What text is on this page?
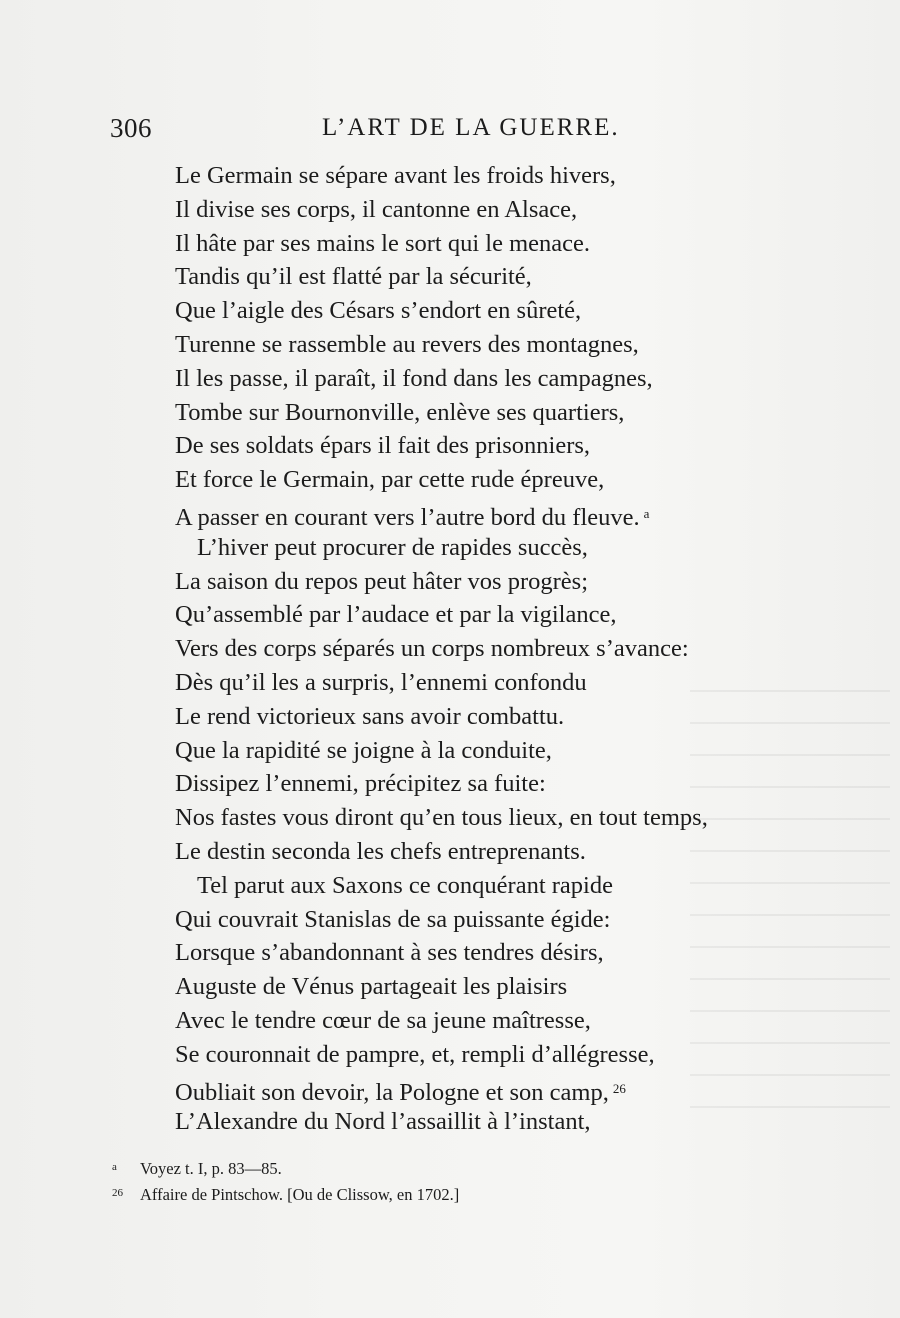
306	L’ART DE LA GUERRE.
Le Germain se sépare avant les froids hivers,
Il divise ses corps, il cantonne en Alsace,
Il hâte par ses mains le sort qui le menace.
Tandis qu’il est flatté par la sécurité,
Que l’aigle des Césars s’endort en sûreté,
Turenne se rassemble au revers des montagnes,
Il les passe, il paraît, il fond dans les campagnes,
Tombe sur Bournonville, enlève ses quartiers,
De ses soldats épars il fait des prisonniers,
Et force le Germain, par cette rude épreuve,
A passer en courant vers l’autre bord du fleuve. $^a$
L’hiver peut procurer de rapides succès,
La saison du repos peut hâter vos progrès;
Qu’assemblé par l’audace et par la vigilance,
Vers des corps séparés un corps nombreux s’avance:
Dès qu’il les a surpris, l’ennemi confondu
Le rend victorieux sans avoir combattu.
Que la rapidité se joigne à la conduite,
Dissipez l’ennemi, précipitez sa fuite:
Nos fastes vous diront qu’en tous lieux, en tout temps,
Le destin seconda les chefs entreprenants.
Tel parut aux Saxons ce conquérant rapide
Qui couvrait Stanislas de sa puissante égide:
Lorsque s’abandonnant à ses tendres désirs,
Auguste de Vénus partageait les plaisirs
Avec le tendre cœur de sa jeune maîtresse,
Se couronnait de pampre, et, rempli d’allégresse,
Oubliait son devoir, la Pologne et son camp, $^{26}$
L’Alexandre du Nord l’assaillit à l’instant,
a Voyez t. I, p. 83—85.
26 Affaire de Pintschow. [Ou de Clissow, en 1702.]
